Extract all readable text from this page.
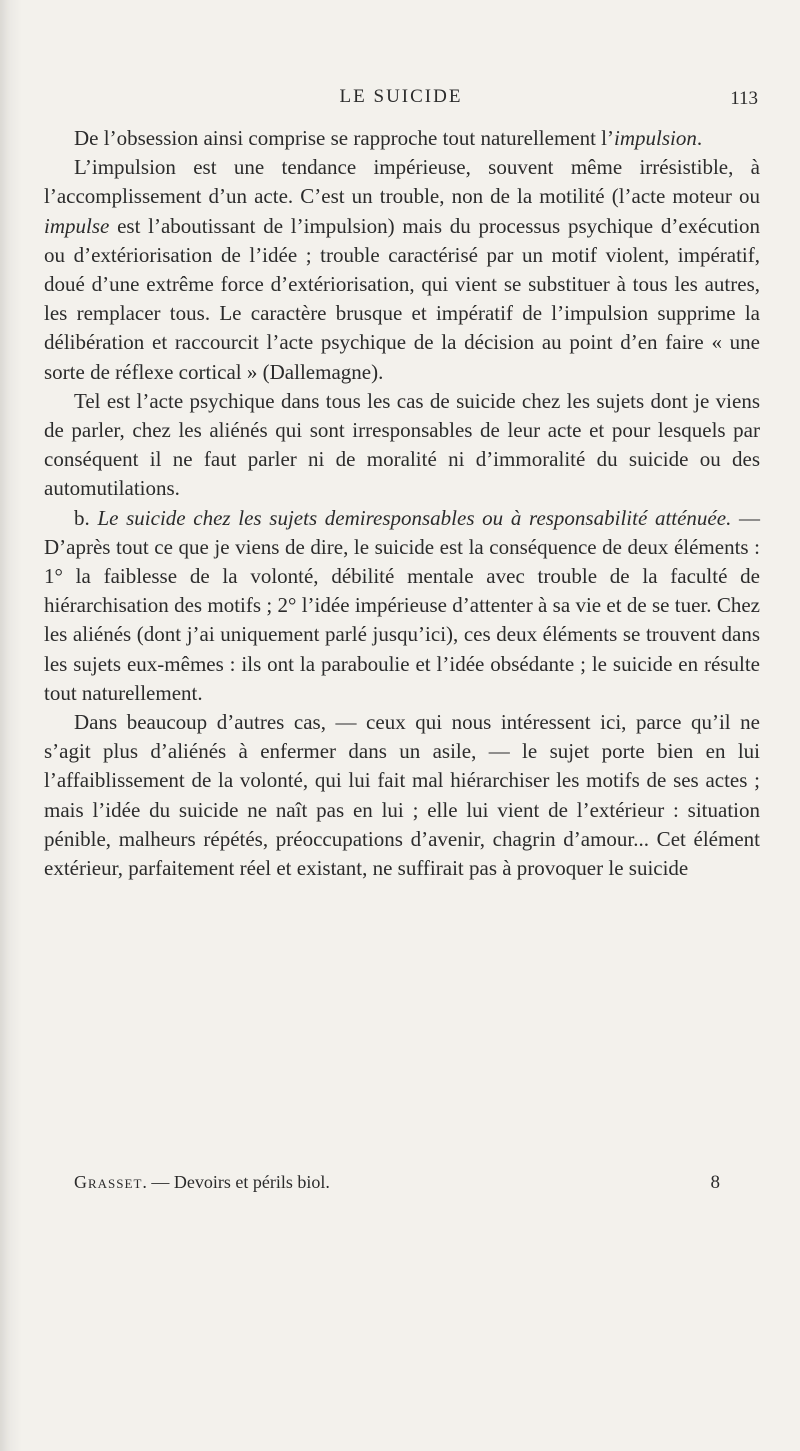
LE SUICIDE	113

De l’obsession ainsi comprise se rapproche tout naturellement l’impulsion.

L’impulsion est une tendance impérieuse, souvent même irrésistible, à l’accomplissement d’un acte. C’est un trouble, non de la motilité (l’acte moteur ou impulse est l’aboutissant de l’impulsion) mais du processus psychique d’exécution ou d’extériorisation de l’idée ; trouble caractérisé par un motif violent, impératif, doué d’une extrême force d’extériorisation, qui vient se substituer à tous les autres, les remplacer tous. Le caractère brusque et impératif de l’impulsion supprime la délibération et raccourcit l’acte psychique de la décision au point d’en faire « une sorte de réflexe cortical » (Dallemagne).

Tel est l’acte psychique dans tous les cas de suicide chez les sujets dont je viens de parler, chez les aliénés qui sont irresponsables de leur acte et pour lesquels par conséquent il ne faut parler ni de moralité ni d’immoralité du suicide ou des automutilations.

b. Le suicide chez les sujets demiresponsables ou à responsabilité atténuée. — D’après tout ce que je viens de dire, le suicide est la conséquence de deux éléments : 1° la faiblesse de la volonté, débilité mentale avec trouble de la faculté de hiérarchisation des motifs ; 2° l’idée impérieuse d’attenter à sa vie et de se tuer. Chez les aliénés (dont j’ai uniquement parlé jusqu’ici), ces deux éléments se trouvent dans les sujets eux-mêmes : ils ont la paraboulie et l’idée obsédante ; le suicide en résulte tout naturellement.

Dans beaucoup d’autres cas, — ceux qui nous intéressent ici, parce qu’il ne s’agit plus d’aliénés à enfermer dans un asile, — le sujet porte bien en lui l’affaiblissement de la volonté, qui lui fait mal hiérarchiser les motifs de ses actes ; mais l’idée du suicide ne naît pas en lui ; elle lui vient de l’extérieur : situation pénible, malheurs répétés, préoccupations d’avenir, chagrin d’amour... Cet élément extérieur, parfaitement réel et existant, ne suffirait pas à provoquer le suicide

Grasset. — Devoirs et périls biol.	8
